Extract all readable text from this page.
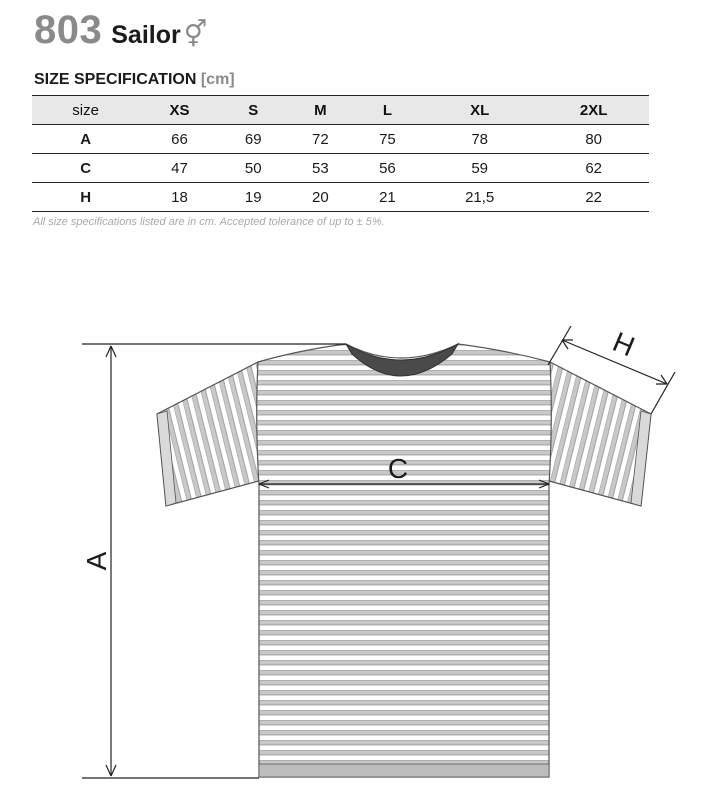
803 Sailor ⚥
SIZE SPECIFICATION [cm]
size	XS	S	M	L	XL	2XL
A	66	69	72	75	78	80
C	47	50	53	56	59	62
H	18	19	20	21	21,5	22
All size specifications listed are in cm. Accepted tolerance of up to ± 5%.
A
C
H
